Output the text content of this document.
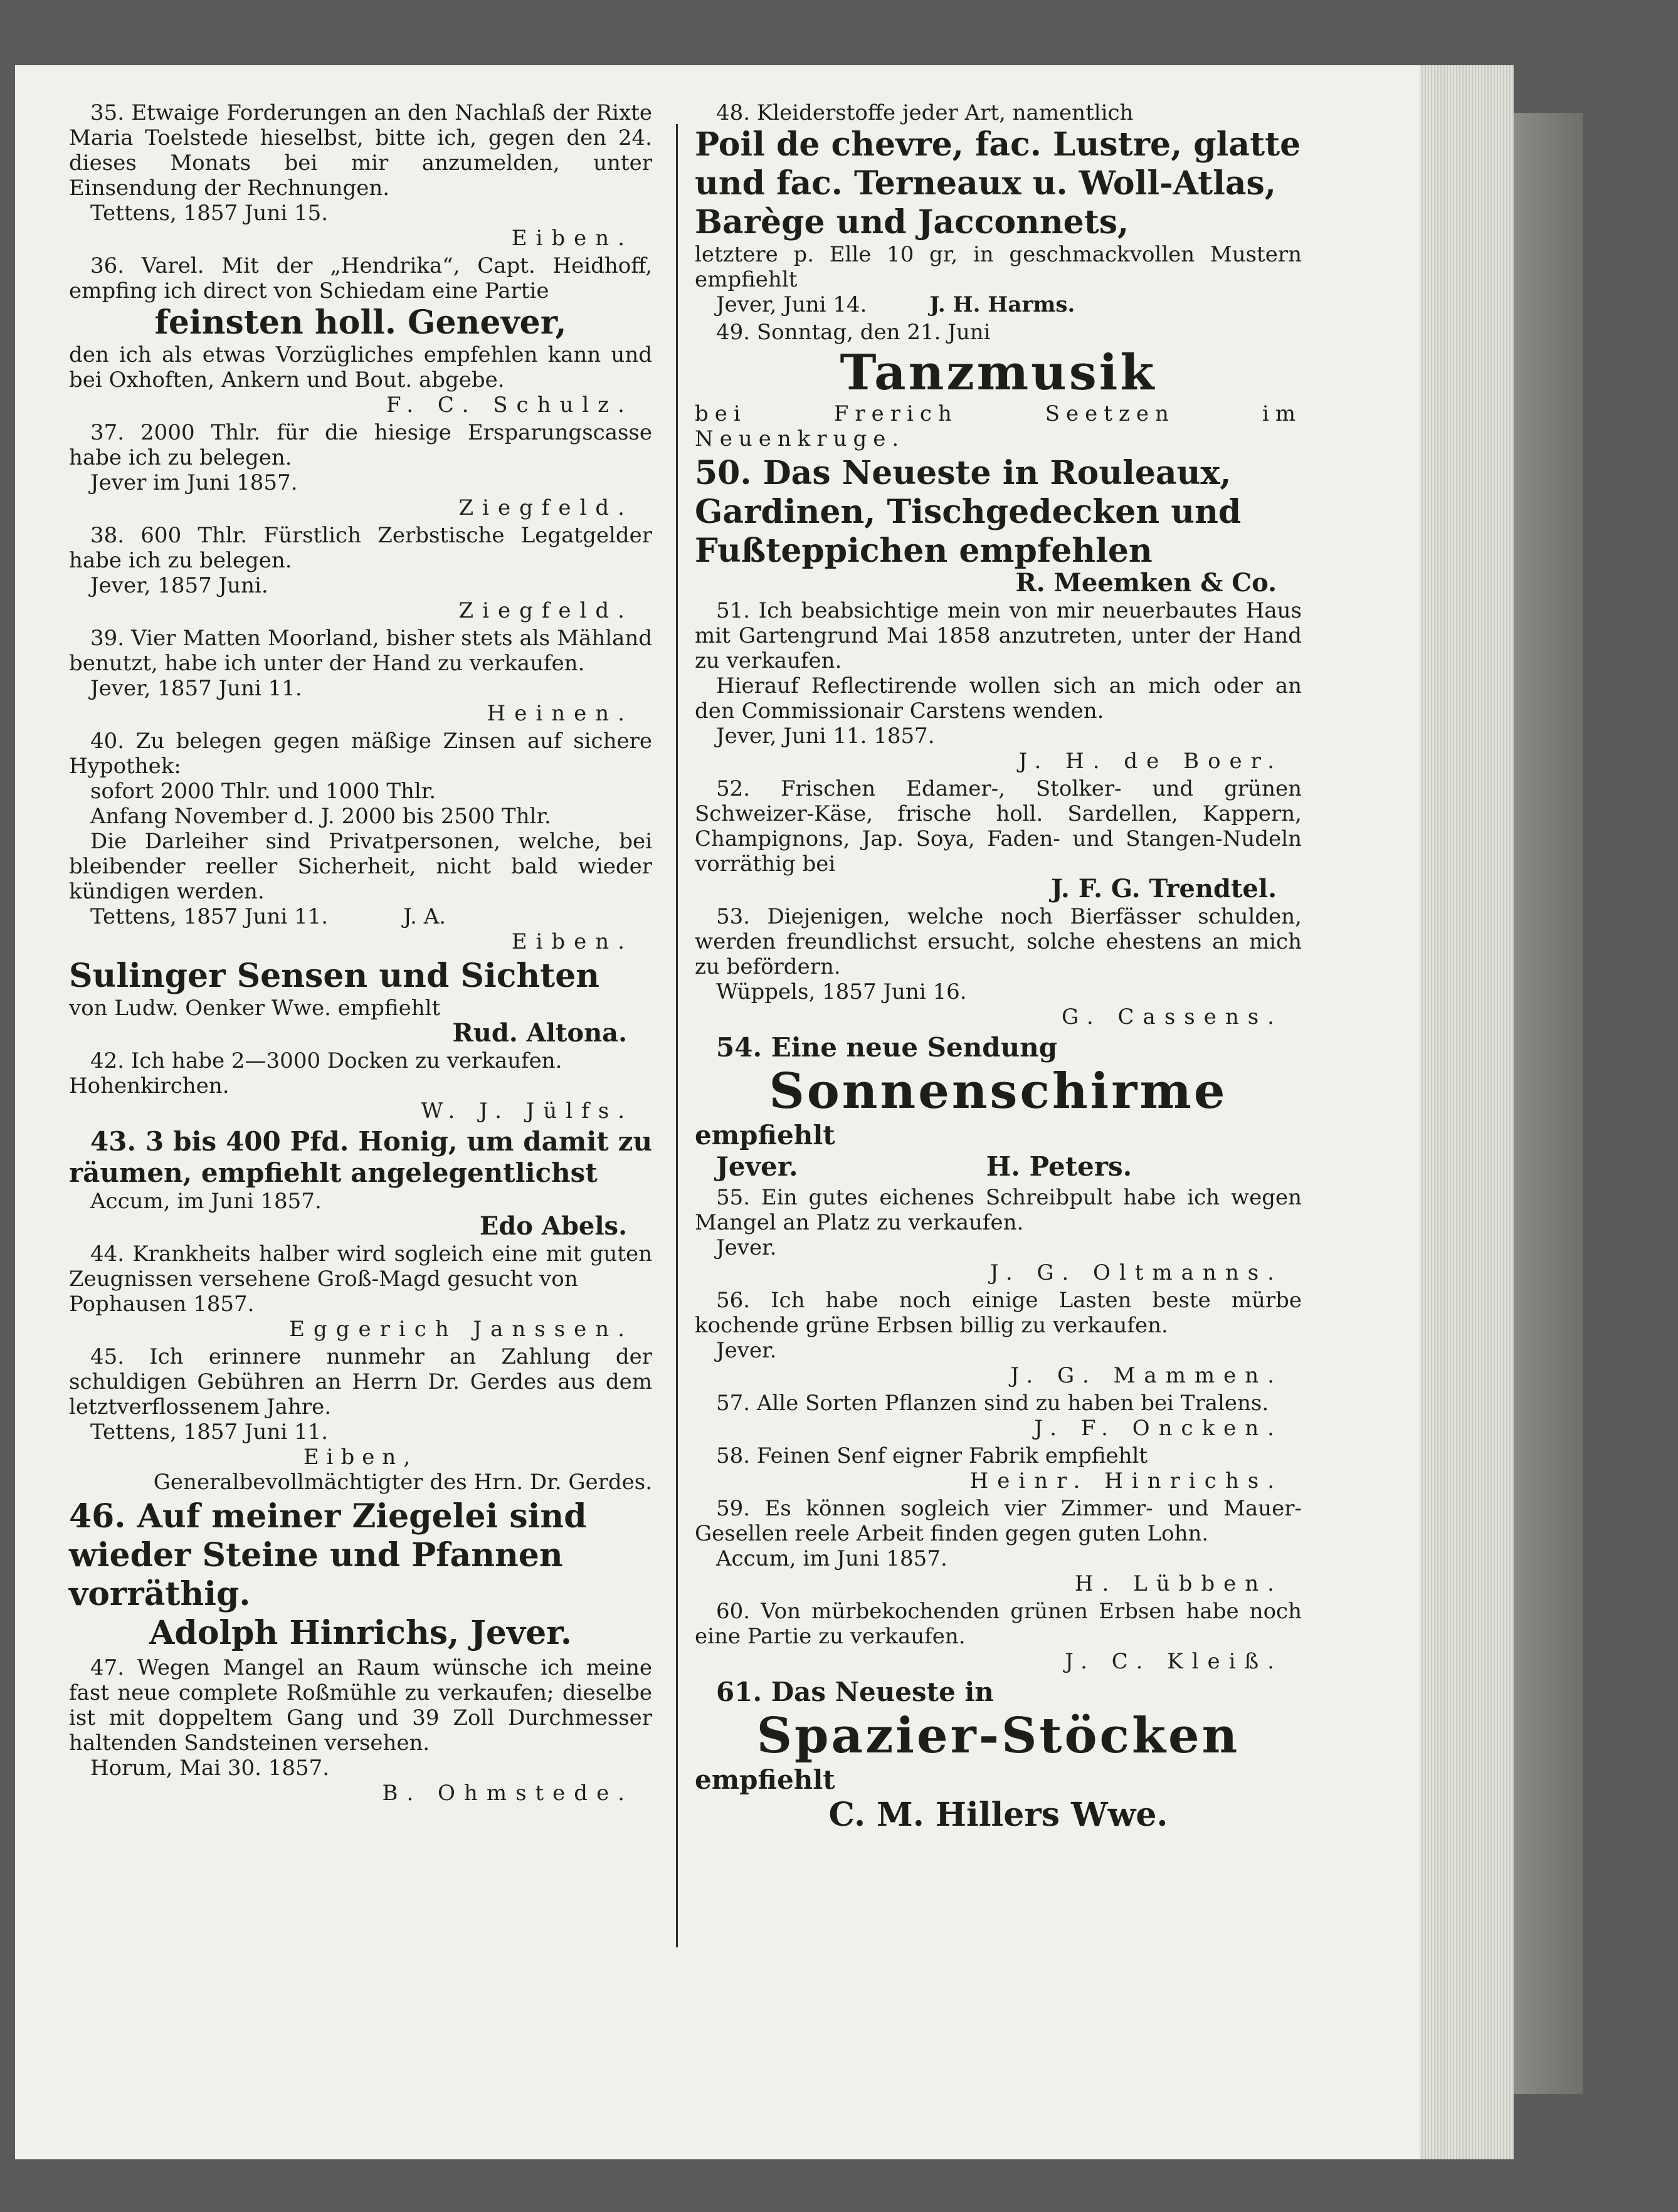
35. Etwaige Forderungen an den Nachlaß der Rixte Maria Toelstede hieselbst, bitte ich, gegen den 24. dieses Monats bei mir anzumelden, unter Einsendung der Rechnungen.

Tettens, 1857 Juni 15.

Eiben.

36. Varel. Mit der „Hendrika“, Capt. Heidhoff, empfing ich direct von Schiedam eine Partie

feinsten holl. Genever,

den ich als etwas Vorzügliches empfehlen kann und bei Oxhoften, Ankern und Bout. abgebe.

F. C. Schulz.

37. 2000 Thlr. für die hiesige Ersparungscasse habe ich zu belegen.

Jever im Juni 1857.

Ziegfeld.

38. 600 Thlr. Fürstlich Zerbstische Legatgelder habe ich zu belegen.

Jever, 1857 Juni.

Ziegfeld.

39. Vier Matten Moorland, bisher stets als Mähland benutzt, habe ich unter der Hand zu verkaufen.

Jever, 1857 Juni 11.

Heinen.

40. Zu belegen gegen mäßige Zinsen auf sichere Hypothek:

sofort 2000 Thlr. und 1000 Thlr.

Anfang November d. J. 2000 bis 2500 Thlr.

Die Darleiher sind Privatpersonen, welche, bei bleibender reeller Sicherheit, nicht bald wieder kündigen werden.

Tettens, 1857 Juni 11.	J. A.

Eiben.

Sulinger Sensen und Sichten

von Ludw. Oenker Wwe. empfiehlt

Rud. Altona.

42. Ich habe 2—3000 Docken zu verkaufen.

Hohenkirchen.

W. J. Jülfs.

43. 3 bis 400 Pfd. Honig, um damit zu räumen, empfiehlt angelegentlichst

Accum, im Juni 1857.

Edo Abels.

44. Krankheits halber wird sogleich eine mit guten Zeugnissen versehene Groß-Magd gesucht von

Pophausen 1857.

Eggerich Janssen.

45. Ich erinnere nunmehr an Zahlung der schuldigen Gebühren an Herrn Dr. Gerdes aus dem letztverflossenem Jahre.

Tettens, 1857 Juni 11.

Eiben,

Generalbevollmächtigter des Hrn. Dr. Gerdes.

46. Auf meiner Ziegelei sind wieder Steine und Pfannen vorräthig.

Adolph Hinrichs, Jever.

47. Wegen Mangel an Raum wünsche ich meine fast neue complete Roßmühle zu verkaufen; dieselbe ist mit doppeltem Gang und 39 Zoll Durchmesser haltenden Sandsteinen versehen.

Horum, Mai 30. 1857.

B. Ohmstede.

48. Kleiderstoffe jeder Art, namentlich

Poil de chevre, fac. Lustre, glatte und fac. Terneaux u. Woll-Atlas, Barège und Jacconnets,

letztere p. Elle 10 gr, in geschmackvollen Mustern empfiehlt

Jever, Juni 14.	J. H. Harms.

49. Sonntag, den 21. Juni

Tanzmusik

bei Frerich Seetzen im Neuenkruge.

50. Das Neueste in Rouleaux, Gardinen, Tischgedecken und Fußteppichen empfehlen

R. Meemken & Co.

51. Ich beabsichtige mein von mir neuerbautes Haus mit Gartengrund Mai 1858 anzutreten, unter der Hand zu verkaufen.

Hierauf Reflectirende wollen sich an mich oder an den Commissionair Carstens wenden.

Jever, Juni 11. 1857.

J. H. de Boer.

52. Frischen Edamer-, Stolker- und grünen Schweizer-Käse, frische holl. Sardellen, Kappern, Champignons, Jap. Soya, Faden- und Stangen-Nudeln vorräthig bei

J. F. G. Trendtel.

53. Diejenigen, welche noch Bierfässer schulden, werden freundlichst ersucht, solche ehestens an mich zu befördern.

Wüppels, 1857 Juni 16.

G. Cassens.

54. Eine neue Sendung

Sonnenschirme

empfiehlt

Jever.	H. Peters.

55. Ein gutes eichenes Schreibpult habe ich wegen Mangel an Platz zu verkaufen.

Jever.

J. G. Oltmanns.

56. Ich habe noch einige Lasten beste mürbe kochende grüne Erbsen billig zu verkaufen.

Jever.

J. G. Mammen.

57. Alle Sorten Pflanzen sind zu haben bei Tralens.

J. F. Oncken.

58. Feinen Senf eigner Fabrik empfiehlt

Heinr. Hinrichs.

59. Es können sogleich vier Zimmer- und Mauer-Gesellen reele Arbeit finden gegen guten Lohn.

Accum, im Juni 1857.

H. Lübben.

60. Von mürbekochenden grünen Erbsen habe noch eine Partie zu verkaufen.

J. C. Kleiß.

61. Das Neueste in

Spazier-Stöcken

empfiehlt

C. M. Hillers Wwe.
